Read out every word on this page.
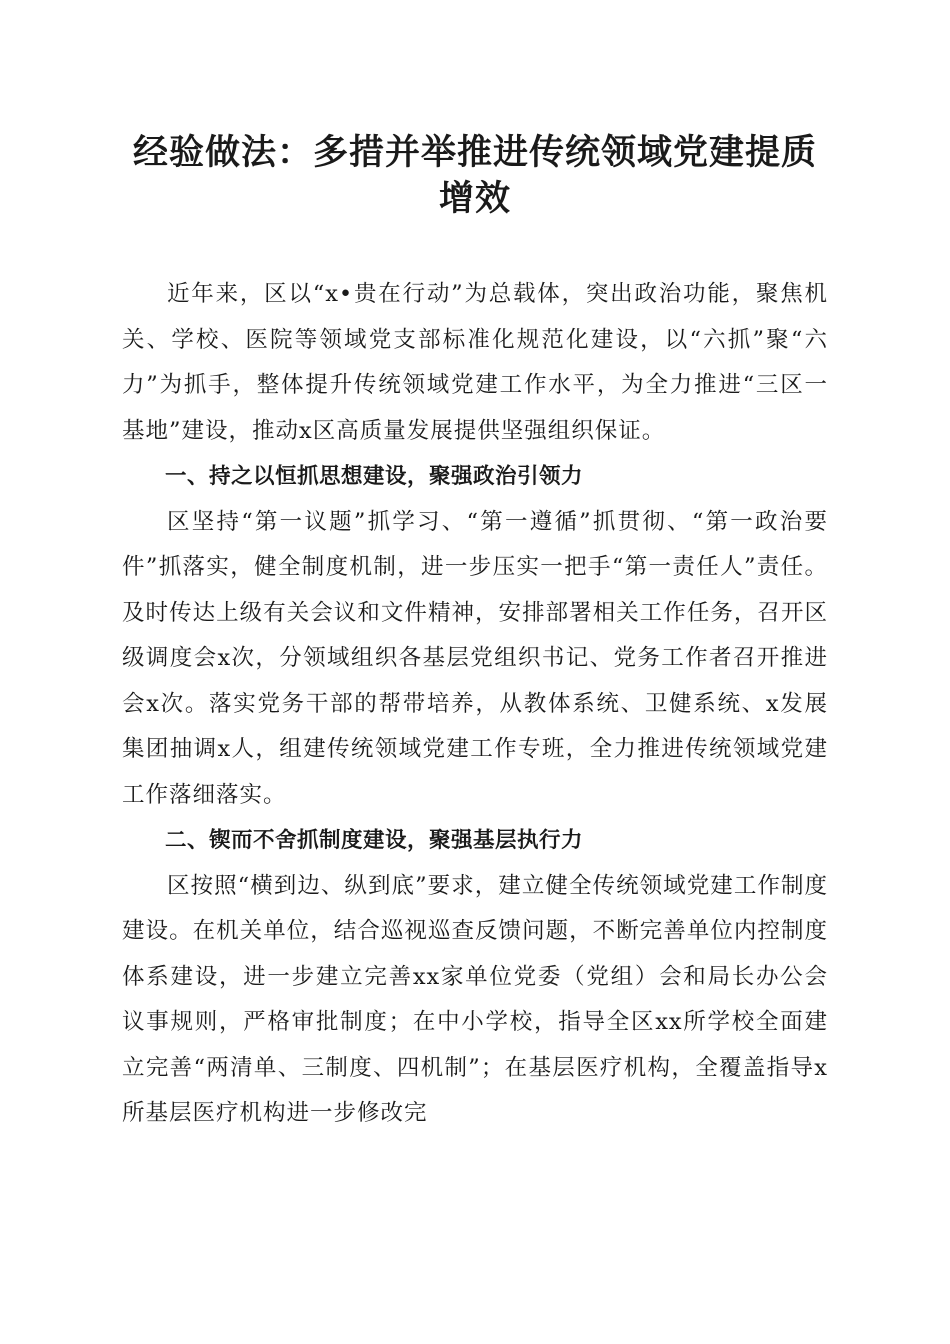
经验做法：多措并举推进传统领域党建提质增效

近年来，区以“x•贵在行动”为总载体，突出政治功能，聚焦机关、学校、医院等领域党支部标准化规范化建设，以“六抓”聚“六力”为抓手，整体提升传统领域党建工作水平，为全力推进“三区一基地”建设，推动x区高质量发展提供坚强组织保证。

一、持之以恒抓思想建设，聚强政治引领力

区坚持“第一议题”抓学习、“第一遵循”抓贯彻、“第一政治要件”抓落实，健全制度机制，进一步压实一把手“第一责任人”责任。及时传达上级有关会议和文件精神，安排部署相关工作任务，召开区级调度会x次，分领域组织各基层党组织书记、党务工作者召开推进会x次。落实党务干部的帮带培养，从教体系统、卫健系统、x发展集团抽调x人，组建传统领域党建工作专班，全力推进传统领域党建工作落细落实。

二、锲而不舍抓制度建设，聚强基层执行力

区按照“横到边、纵到底”要求，建立健全传统领域党建工作制度建设。在机关单位，结合巡视巡查反馈问题，不断完善单位内控制度体系建设，进一步建立完善xx家单位党委（党组）会和局长办公会议事规则，严格审批制度；在中小学校，指导全区xx所学校全面建立完善“两清单、三制度、四机制”；在基层医疗机构，全覆盖指导x所基层医疗机构进一步修改完
